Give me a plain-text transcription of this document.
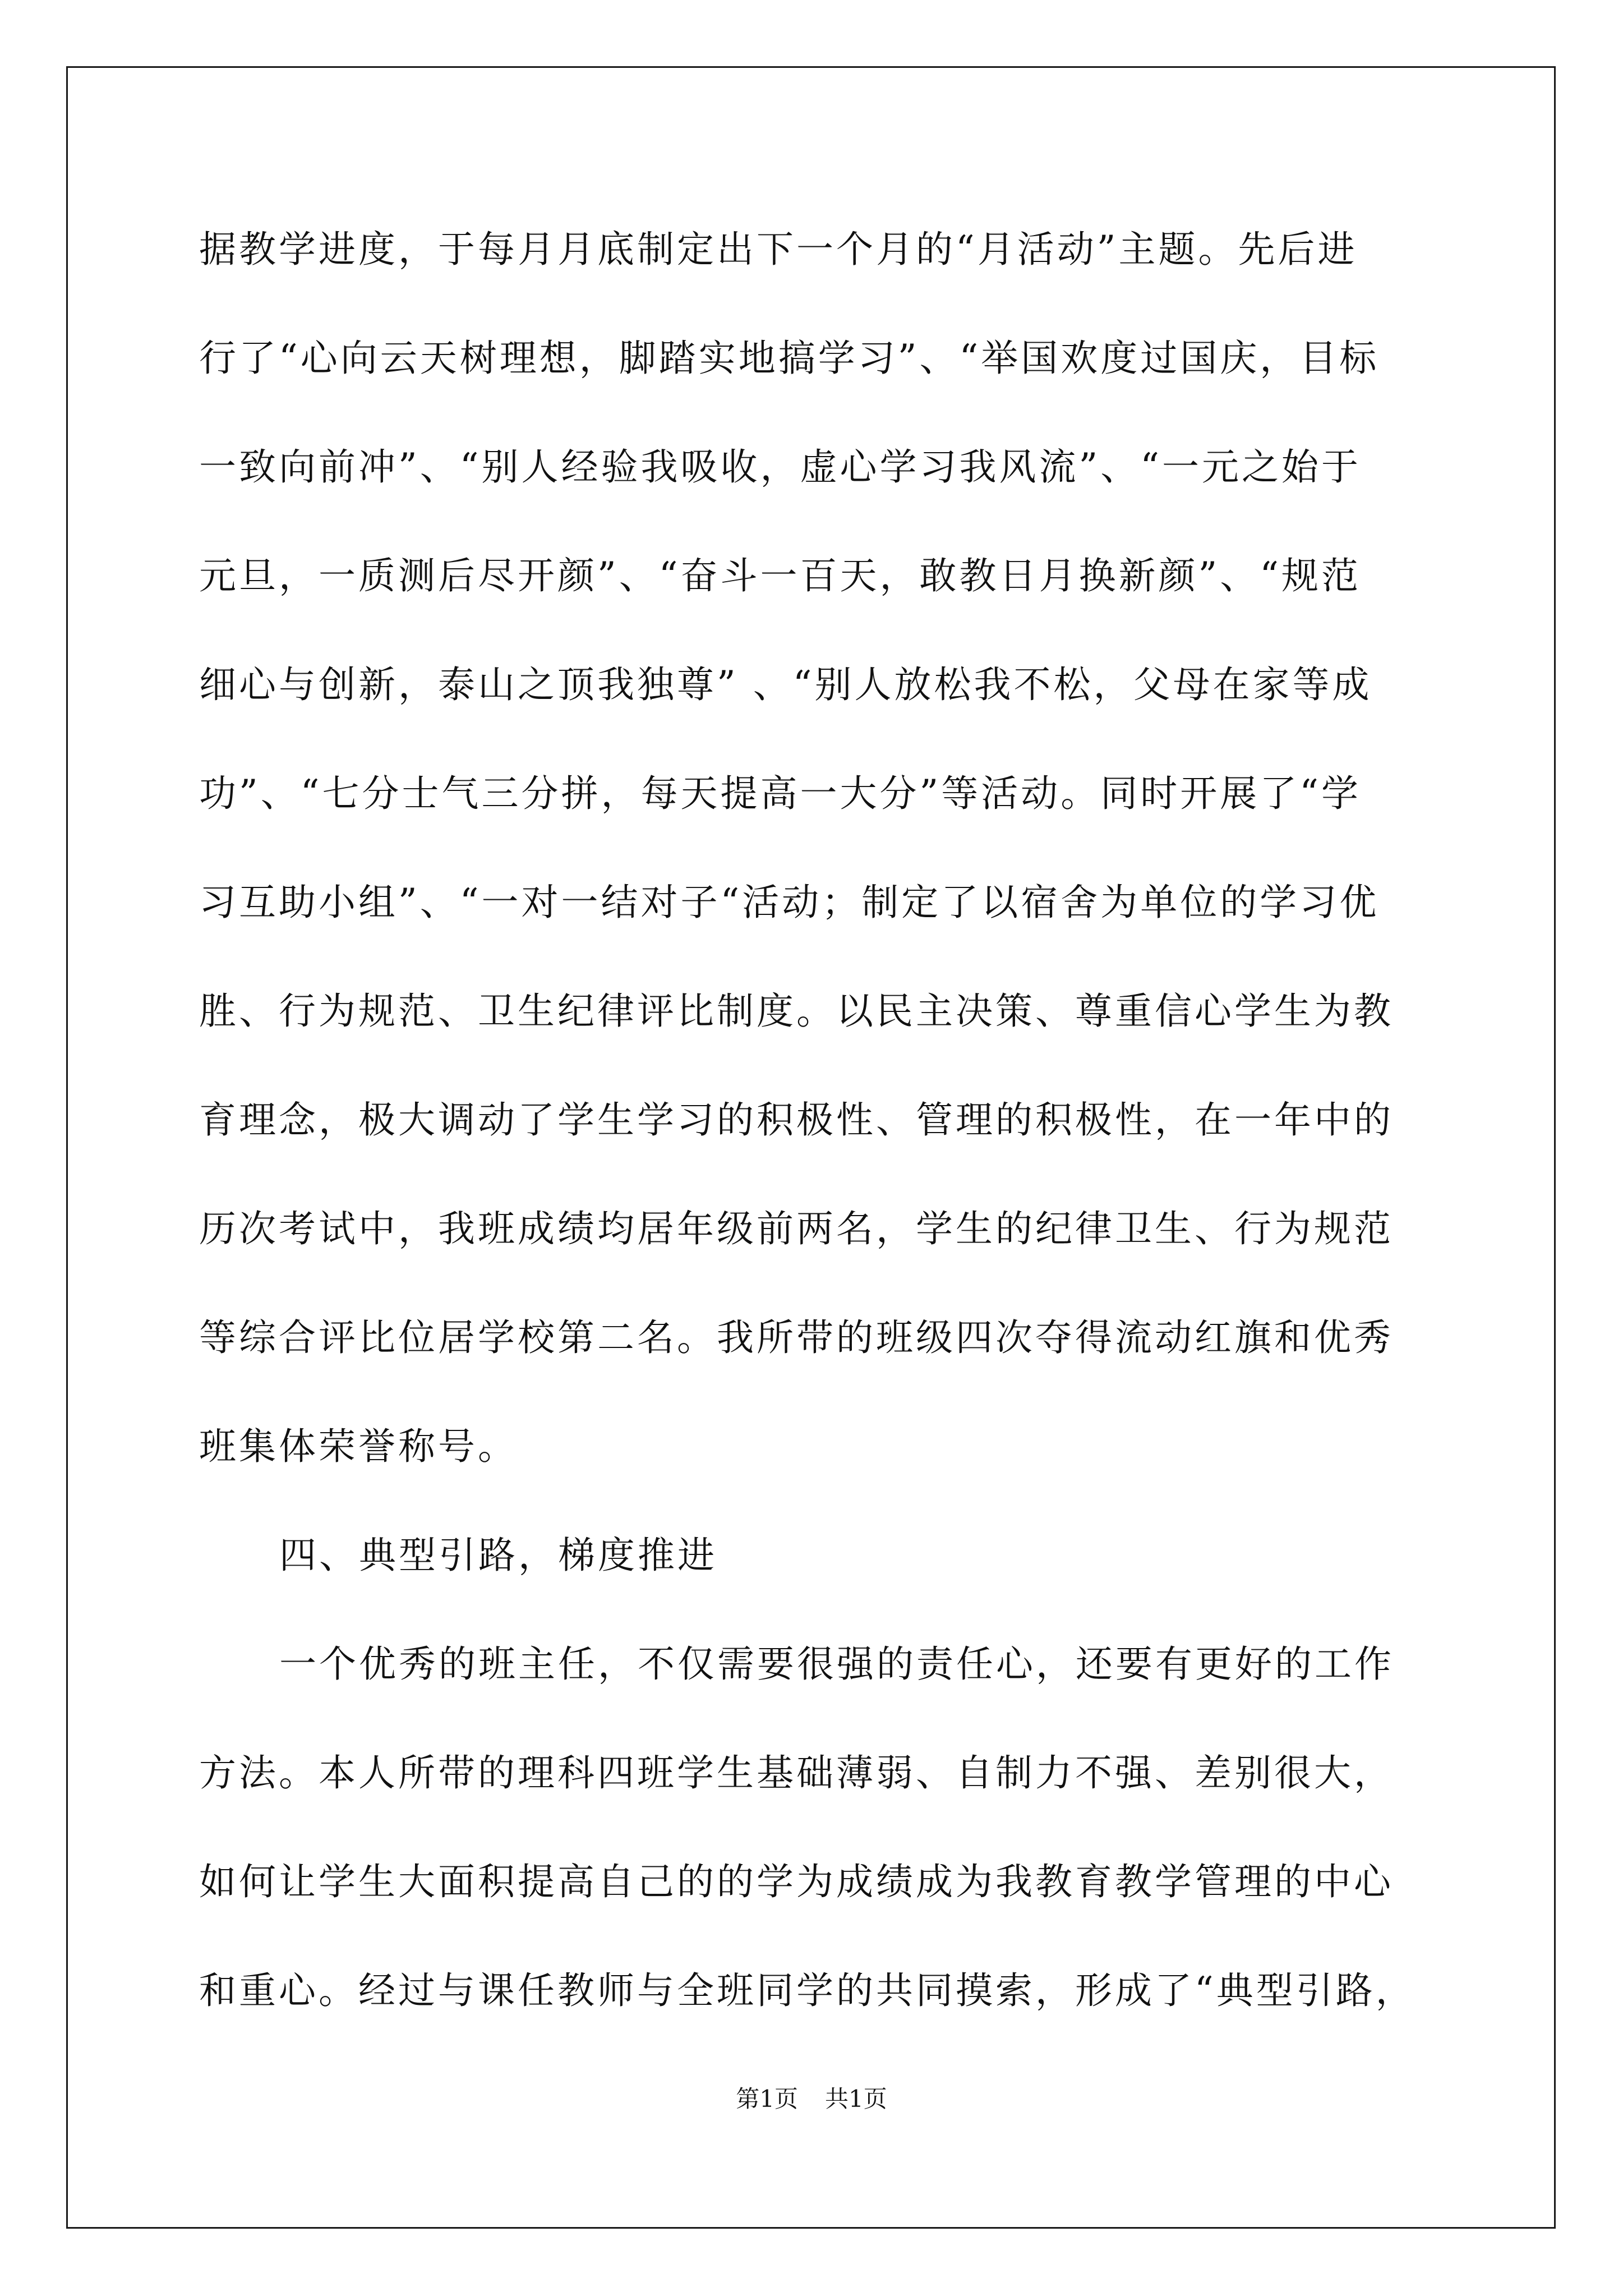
据教学进度，于每月月底制定出下一个月的“月活动”主题。先后进
行了“心向云天树理想，脚踏实地搞学习”、“举国欢度过国庆，目标
一致向前冲”、“别人经验我吸收，虚心学习我风流”、“一元之始于
元旦，一质测后尽开颜”、“奋斗一百天，敢教日月换新颜”、“规范
细心与创新，泰山之顶我独尊” 、“别人放松我不松，父母在家等成
功”、“七分士气三分拼，每天提高一大分”等活动。同时开展了“学
习互助小组”、“一对一结对子“活动；制定了以宿舍为单位的学习优
胜、行为规范、卫生纪律评比制度。以民主决策、尊重信心学生为教
育理念，极大调动了学生学习的积极性、管理的积极性，在一年中的
历次考试中，我班成绩均居年级前两名，学生的纪律卫生、行为规范
等综合评比位居学校第二名。我所带的班级四次夺得流动红旗和优秀
班集体荣誉称号。
四、典型引路，梯度推进
一个优秀的班主任，不仅需要很强的责任心，还要有更好的工作
方法。本人所带的理科四班学生基础薄弱、自制力不强、差别很大，
如何让学生大面积提高自己的的学为成绩成为我教育教学管理的中心
和重心。经过与课任教师与全班同学的共同摸索，形成了“典型引路，
第1页 共1页
